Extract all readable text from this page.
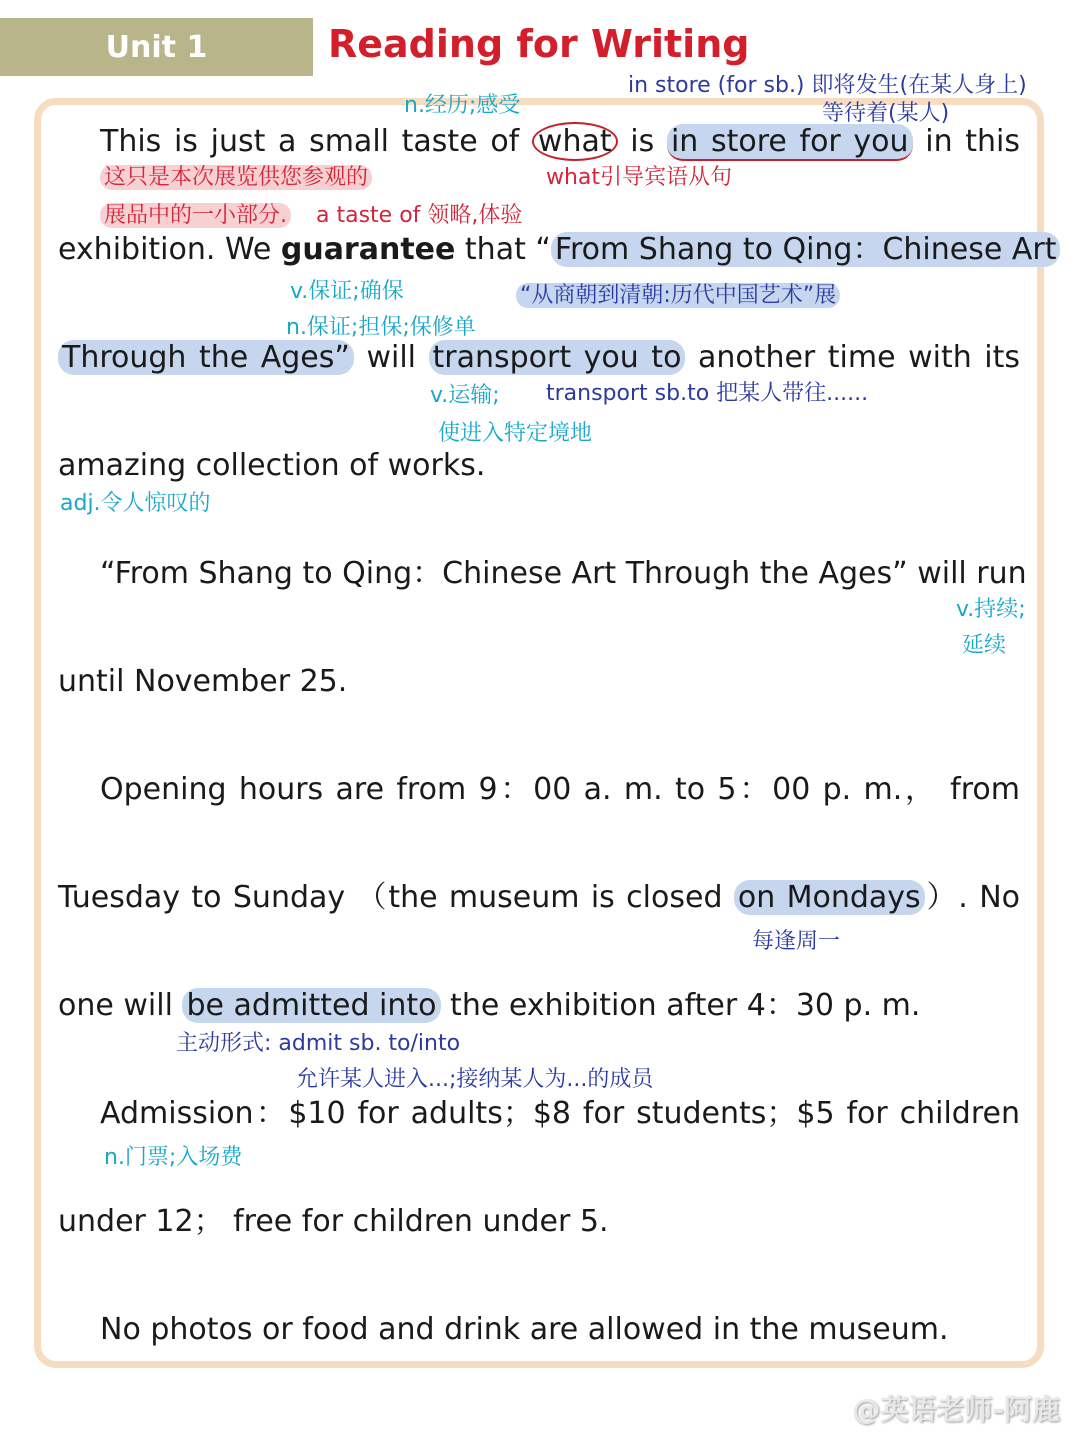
Unit 1	Reading for Writing
This is just a small taste of what is in store for you in this
exhibition. We guarantee that “ From Shang to Qing：Chinese Art
Through the Ages” will transport you to another time with its
amazing collection of works.
“From Shang to Qing：Chinese Art Through the Ages” will run
until November 25.
Opening hours are from 9：00 a. m. to 5：00 p. m.， from
Tuesday to Sunday （the museum is closed on Mondays ）. No
one will be admitted into the exhibition after 4：30 p. m.
Admission：$10 for adults；$8 for students；$5 for children
under 12； free for children under 5.
No photos or food and drink are allowed in the museum.
in store (for sb.) 即将发生(在某人身上)
等待着(某人)
n.经历;感受
这只是本次展览供您参观的
展品中的一小部分. a taste of 领略,体验
what引导宾语从句
v.保证;确保
n.保证;担保;保修单
“从商朝到清朝:历代中国艺术”展
v.运输; transport sb.to 把某人带往......
使进入特定境地
adj.令人惊叹的
v.持续;
延续
每逢周一
主动形式: admit sb. to/into
允许某人进入...;接纳某人为...的成员
n.门票;入场费
@英语老师-阿鹿
